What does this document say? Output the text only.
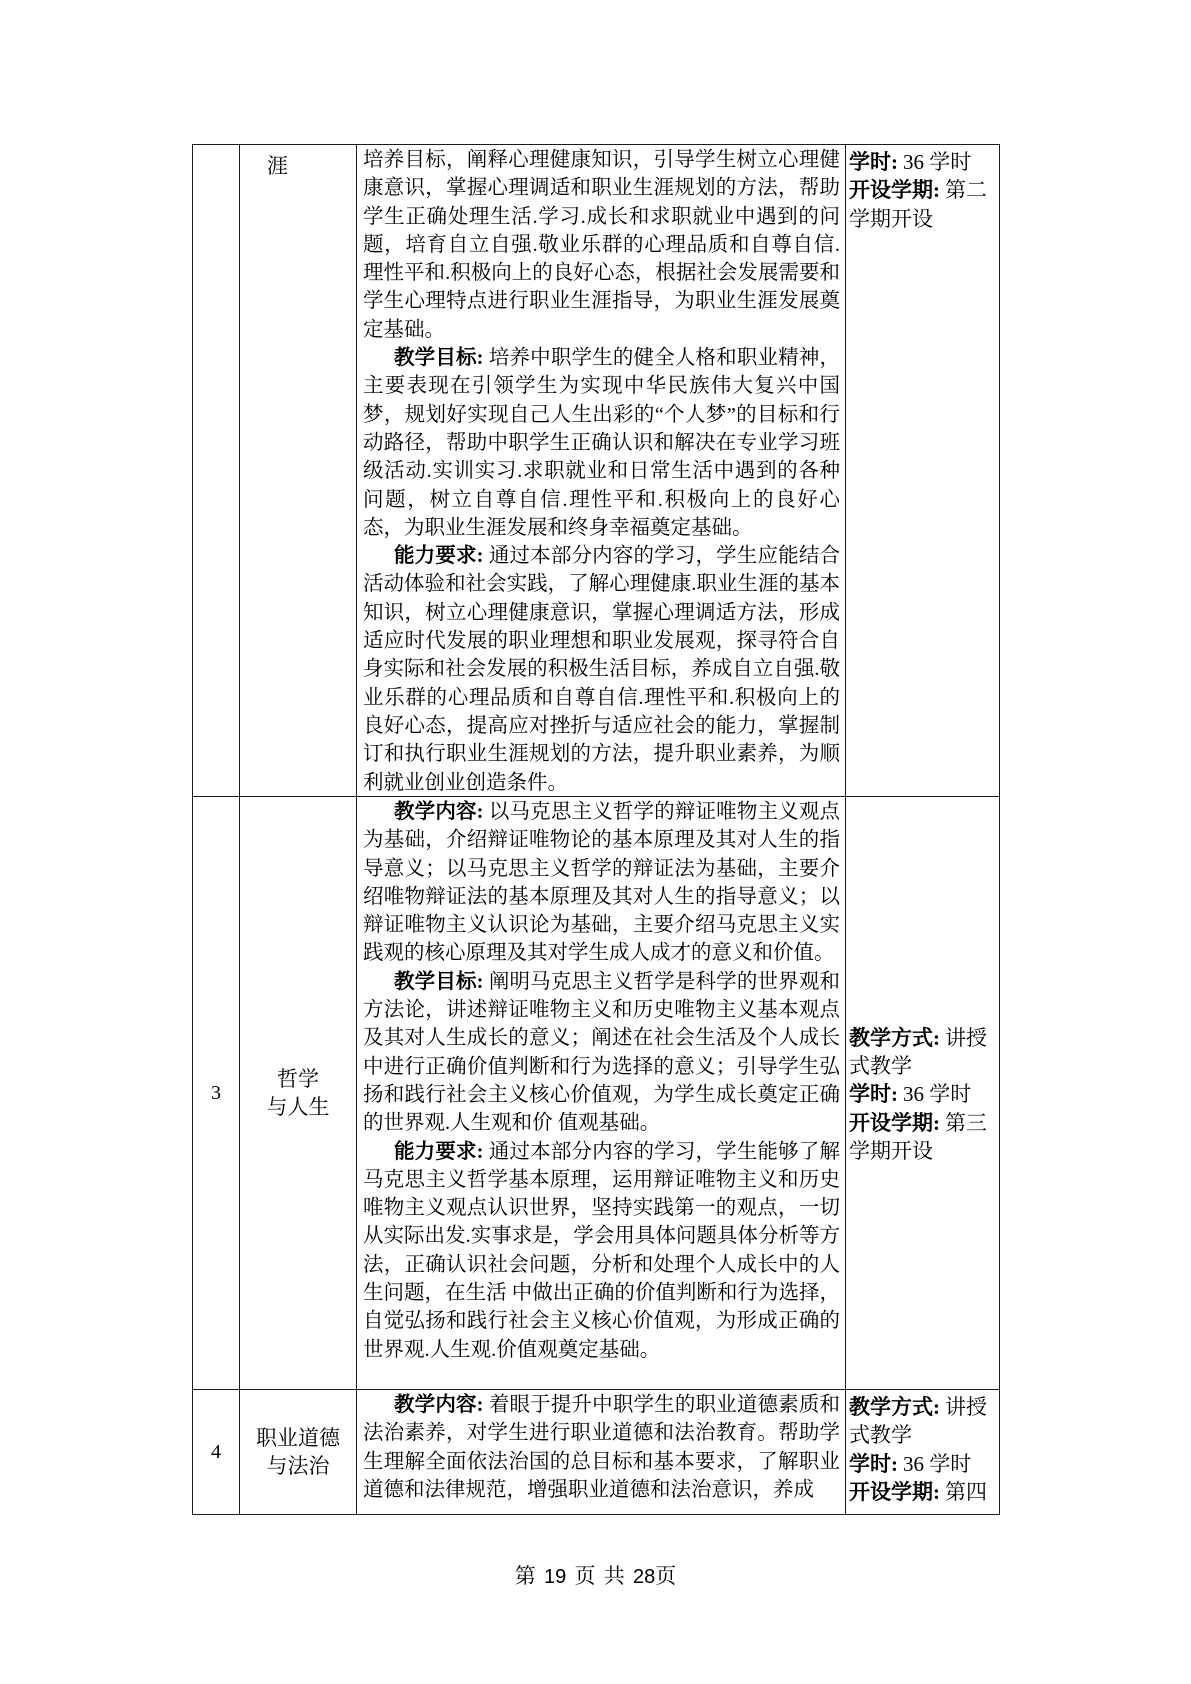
涯	培养目标，阐释心理健康知识，引导学生树立心理健康意识，掌握心理调适和职业生涯规划的方法，帮助学生正确处理生活.学习.成长和求职就业中遇到的问题，培育自立自强.敬业乐群的心理品质和自尊自信.理性平和.积极向上的良好心态，根据社会发展需要和学生心理特点进行职业生涯指导，为职业生涯发展奠定基础。

教学目标: 培养中职学生的健全人格和职业精神，主要表现在引领学生为实现中华民族伟大复兴中国梦，规划好实现自己人生出彩的“个人梦”的目标和行动路径，帮助中职学生正确认识和解决在专业学习班级活动.实训实习.求职就业和日常生活中遇到的各种问题，树立自尊自信.理性平和.积极向上的良好心态，为职业生涯发展和终身幸福奠定基础。

能力要求: 通过本部分内容的学习，学生应能结合活动体验和社会实践，了解心理健康.职业生涯的基本知识，树立心理健康意识，掌握心理调适方法，形成适应时代发展的职业理想和职业发展观，探寻符合自身实际和社会发展的积极生活目标，养成自立自强.敬业乐群的心理品质和自尊自信.理性平和.积极向上的良好心态，提高应对挫折与适应社会的能力，掌握制订和执行职业生涯规划的方法，提升职业素养，为顺利就业创业创造条件。

学时: 36 学时
开设学期: 第二学期开设
3
哲学
与人生

教学内容: 以马克思主义哲学的辩证唯物主义观点为基础，介绍辩证唯物论的基本原理及其对人生的指导意义；以马克思主义哲学的辩证法为基础，主要介绍唯物辩证法的基本原理及其对人生的指导意义；以辩证唯物主义认识论为基础，主要介绍马克思主义实践观的核心原理及其对学生成人成才的意义和价值。

教学目标: 阐明马克思主义哲学是科学的世界观和方法论，讲述辩证唯物主义和历史唯物主义基本观点及其对人生成长的意义；阐述在社会生活及个人成长中进行正确价值判断和行为选择的意义；引导学生弘扬和践行社会主义核心价值观，为学生成长奠定正确的世界观.人生观和价 值观基础。

能力要求: 通过本部分内容的学习，学生能够了解马克思主义哲学基本原理，运用辩证唯物主义和历史唯物主义观点认识世界，坚持实践第一的观点，一切从实际出发.实事求是，学会用具体问题具体分析等方 法，正确认识社会问题，分析和处理个人成长中的人生问题，在生活 中做出正确的价值判断和行为选择，自觉弘扬和践行社会主义核心价值观，为形成正确的世界观.人生观.价值观奠定基础。

教学方式: 讲授式教学
学时: 36 学时
开设学期: 第三学期开设
4
职业道德
与法治

教学内容: 着眼于提升中职学生的职业道德素质和法治素养，对学生进行职业道德和法治教育。帮助学生理解全面依法治国的总目标和基本要求，了解职业道德和法律规范，增强职业道德和法治意识，养成

教学方式: 讲授式教学
学时: 36 学时
开设学期: 第四
第 19 页 共 28页
